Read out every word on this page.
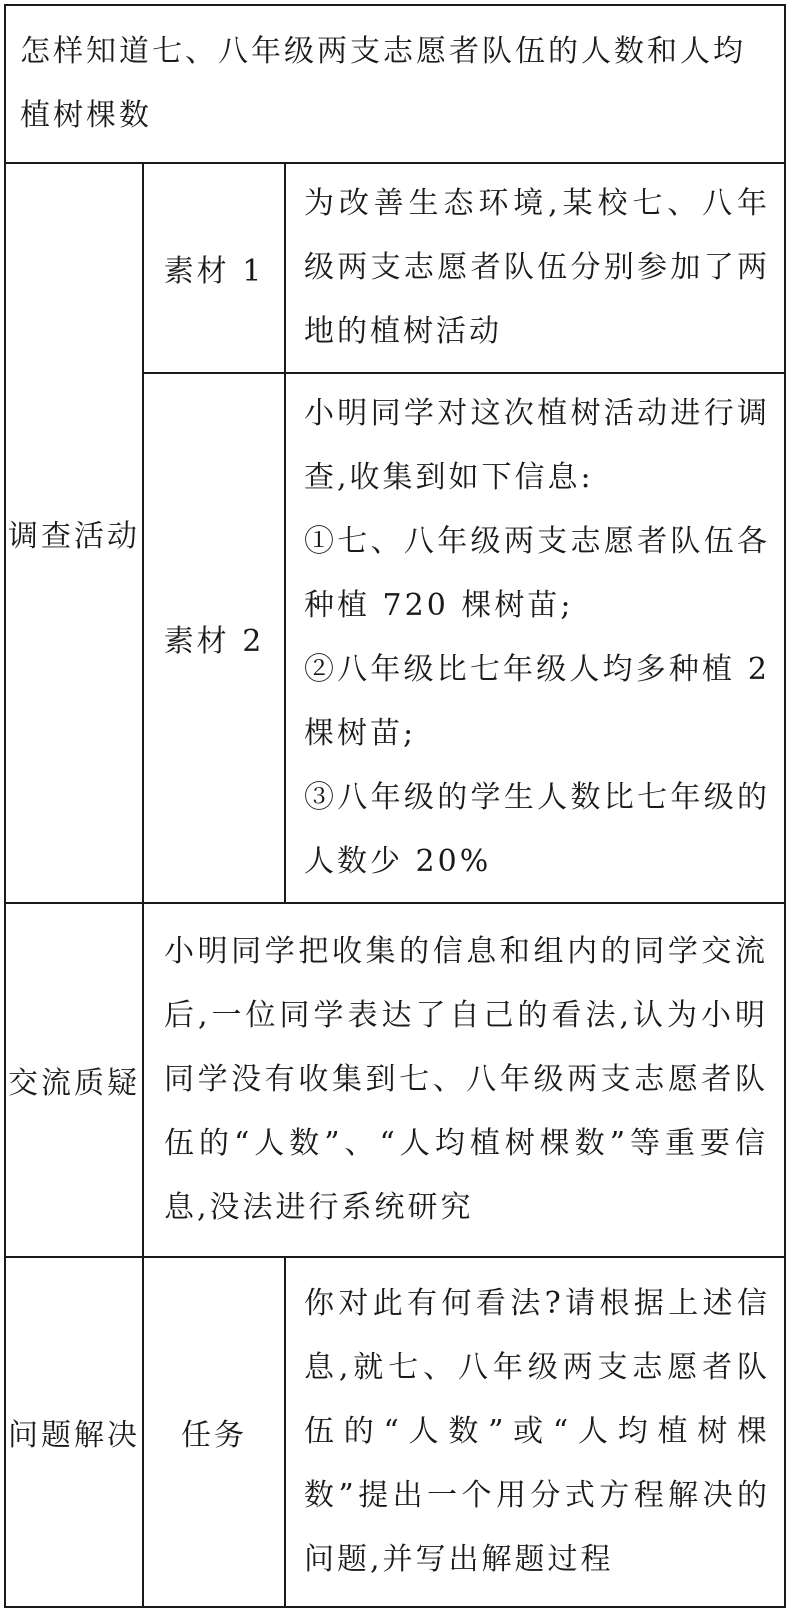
怎样知道七、八年级两支志愿者队伍的人数和人均植树棵数		
调查活动	素材 1	为改善生态环境,某校七、八年级两支志愿者队伍分别参加了两地的植树活动
	素材 2	小明同学对这次植树活动进行调查,收集到如下信息:

①七、八年级两支志愿者队伍各种植 720 棵树苗;

②八年级比七年级人均多种植 2 棵树苗;

③八年级的学生人数比七年级的人数少 20%

交流质疑	小明同学把收集的信息和组内的同学交流后,一位同学表达了自己的看法,认为小明同学没有收集到七、八年级两支志愿者队伍的“人数”、“人均植树棵数”等重要信息,没法进行系统研究	
问题解决	任务	你对此有何看法?请根据上述信息,就七、八年级两支志愿者队伍的“人数”或“人均植树棵数”提出一个用分式方程解决的问题,并写出解题过程
